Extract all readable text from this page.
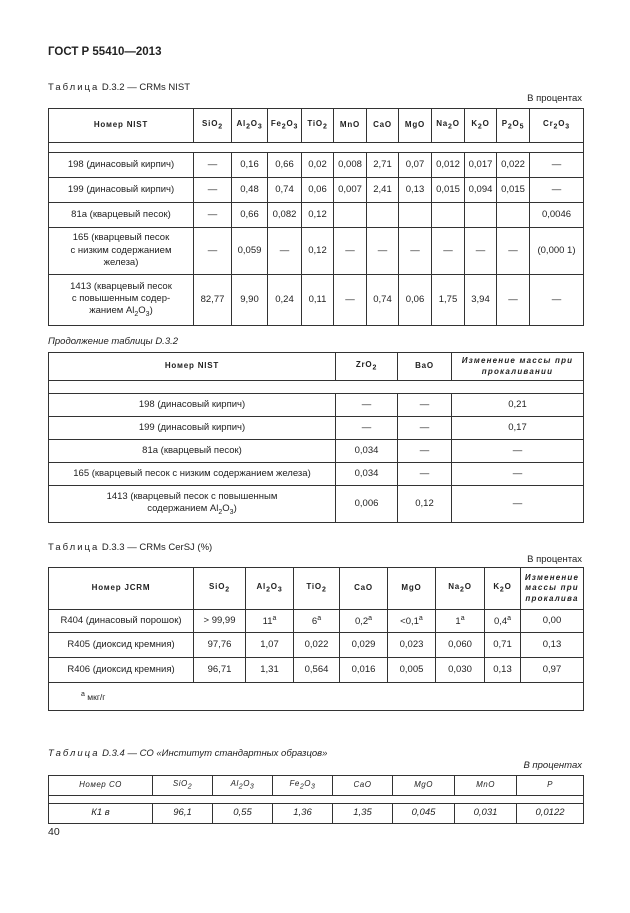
ГОСТ Р 55410—2013
Таблица D.3.2 — CRMs NIST
В процентах
Номер NIST	SiO$_2$	$Al_2O_3$	$Fe_2O_3$	TiO$_2$	MnO	CaO	MgO	$Na_2O$	$K_2O$	$P_2O_5$	$Cr_2O_3$

198 (динасовый кирпич)	—	0,16	0,66	0,02	0,008	2,71	0,07	0,012	0,017	0,022	—
199 (динасовый кирпич)	—	0,48	0,74	0,06	0,007	2,41	0,13	0,015	0,094	0,015	—
81а (кварцевый песок)	—	0,66	0,082	0,12							0,0046
165 (кварцевый песок
с низким содержанием
железа)	—	0,059	—	0,12	—	—	—	—	—	—	(0,000 1)
1413 (кварцевый песок
с повышенным содер-
жанием $Al_2O_3$)	82,77	9,90	0,24	0,11	—	0,74	0,06	1,75	3,94	—	—
Продолжение таблицы D.3.2
Номер NIST	ZrO$_2$	BaO	Изменение массы при прокаливании

198 (динасовый кирпич)	—	—	0,21
199 (динасовый кирпич)	—	—	0,17
81а (кварцевый песок)	0,034	—	—
165 (кварцевый песок с низким содержанием железа)	0,034	—	—
1413 (кварцевый песок с повышенным
содержанием $Al_2O_3$)	0,006	0,12	—
Таблица D.3.3 — CRMs CerSJ (%)
В процентах
Номер JCRM	SiO$_2$	$Al_2O_3$	TiO$_2$	CaO	MgO	$Na_2O$	$K_2O$	Изменение массы при прокалива
R404 (динасовый порошок)	> 99,99	$11^а$	$6^а$	$0,2^а$	$<0,1^а$	$1^а$	$0,4^а$	0,00
R405 (диоксид кремния)	97,76	1,07	0,022	0,029	0,023	0,060	0,71	0,13
R406 (диоксид кремния)	96,71	1,31	0,564	0,016	0,005	0,030	0,13	0,97
$^а$ мкг/г								
Таблица D.3.4 — СО «Институт стандартных образцов»
В процентах
Номер СО	SiO$_2$	$Al_2O_3$	$Fe_2O_3$	CaO	MgO	MnO	P

К1 в	96,1	0,55	1,36	1,35	0,045	0,031	0,0122
40
